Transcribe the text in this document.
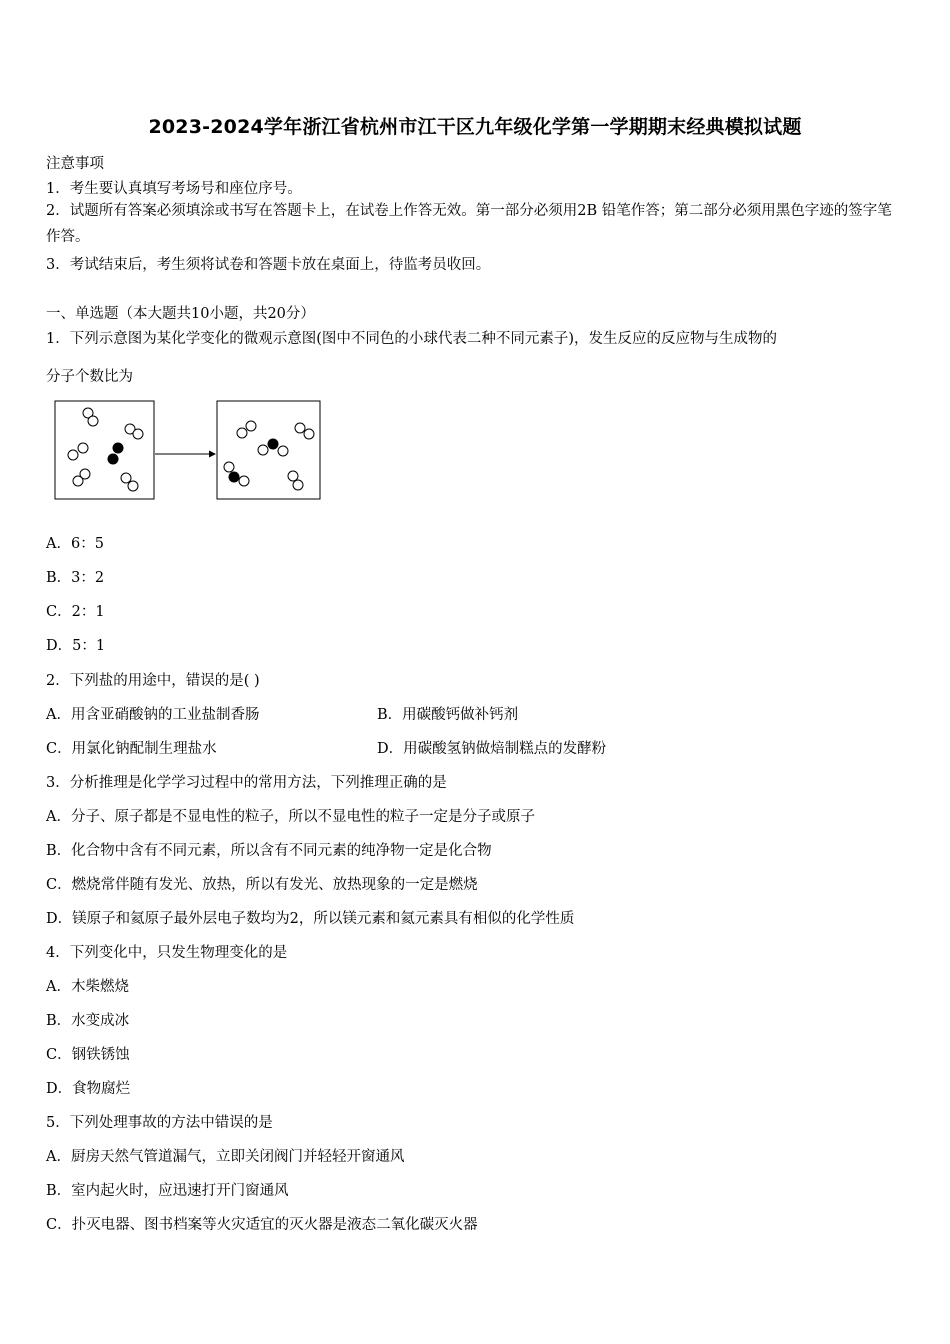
2023-2024学年浙江省杭州市江干区九年级化学第一学期期末经典模拟试题
注意事项
1．考生要认真填写考场号和座位序号。
2．试题所有答案必须填涂或书写在答题卡上，在试卷上作答无效。第一部分必须用2B 铅笔作答；第二部分必须用黑色字迹的签字笔作答。
3．考试结束后，考生须将试卷和答题卡放在桌面上，待监考员收回。
一、单选题（本大题共10小题，共20分）
1．下列示意图为某化学变化的微观示意图(图中不同色的小球代表二种不同元素子)，发生反应的反应物与生成物的
分子个数比为
A．6：5
B．3：2
C．2：1
D．5：1
2．下列盐的用途中，错误的是( )
A．用含亚硝酸钠的工业盐制香肠	B．用碳酸钙做补钙剂
C．用氯化钠配制生理盐水	D．用碳酸氢钠做焙制糕点的发酵粉
3．分析推理是化学学习过程中的常用方法，下列推理正确的是
A．分子、原子都是不显电性的粒子，所以不显电性的粒子一定是分子或原子
B．化合物中含有不同元素，所以含有不同元素的纯净物一定是化合物
C．燃烧常伴随有发光、放热，所以有发光、放热现象的一定是燃烧
D．镁原子和氦原子最外层电子数均为2，所以镁元素和氦元素具有相似的化学性质
4．下列变化中，只发生物理变化的是
A．木柴燃烧
B．水变成冰
C．钢铁锈蚀
D．食物腐烂
5．下列处理事故的方法中错误的是
A．厨房天然气管道漏气，立即关闭阀门并轻轻开窗通风
B．室内起火时，应迅速打开门窗通风
C．扑灭电器、图书档案等火灾适宜的灭火器是液态二氧化碳灭火器
